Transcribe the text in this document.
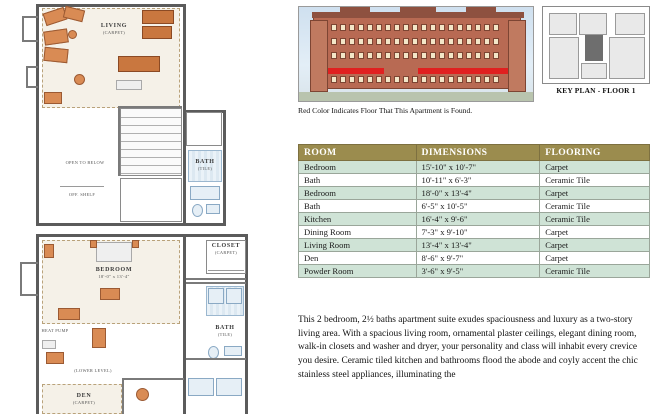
LIVING
(CARPET)
OPEN TO BELOW	BATH
(TILE)
OFF. SHELF
BEDROOM
18'-0" x 13'-4"
CLOSET
(CARPET)
HEAT PUMP
(LOWER LEVEL)
BATH
(TILE)
DEN
(CARPET)
Red Color Indicates Floor That This Apartment is Found.
KEY PLAN - FLOOR 1
ROOM	DIMENSIONS	FLOORING
Bedroom	15'-10" x 10'-7"	Carpet
Bath	10'-11" x 6'-3"	Ceramic Tile
Bedroom	18'-0" x 13'-4"	Carpet
Bath	6'-5" x 10'-5"	Ceramic Tile
Kitchen	16'-4" x 9'-6"	Ceramic Tile
Dining Room	7'-3" x 9'-10"	Carpet
Living Room	13'-4" x 13'-4"	Carpet
Den	8'-6" x 9'-7"	Carpet
Powder Room	3'-6" x 9'-5"	Ceramic Tile
This 2 bedroom, 2½ baths apartment suite exudes spaciousness and luxury as a two-story living area. With a spacious living room, ornamental plaster ceilings, elegant dining room, walk-in closets and washer and dryer, your personality and class will inhabit every crevice you desire. Ceramic tiled kitchen and bathrooms flood the abode and coyly accent the chic stainless steel appliances, illuminating the
